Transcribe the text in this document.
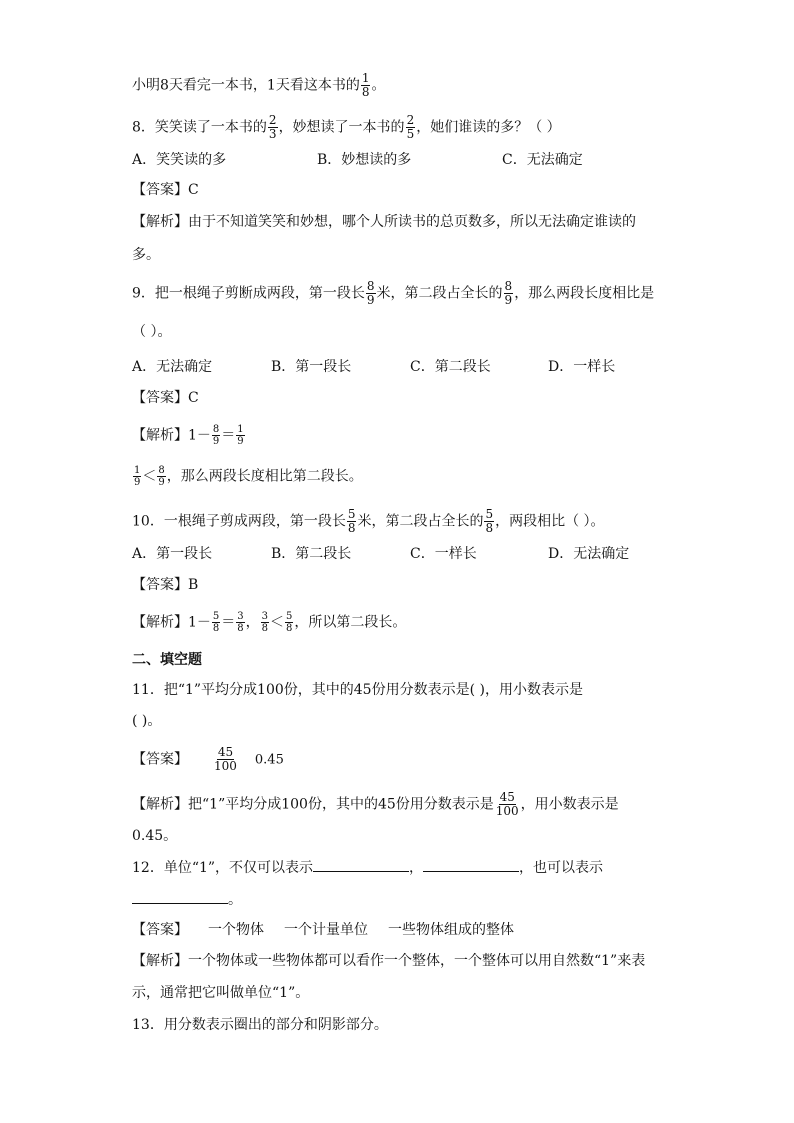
小明8天看完一本书，1天看这本书的 $\frac{1}{8}$ 。
8．笑笑读了一本书的 $\frac{2}{3}$ ，妙想读了一本书的 $\frac{2}{5}$ ，她们谁读的多？（ ）
A．笑笑读的多	B．妙想读的多	C．无法确定
【答案】C
【解析】由于不知道笑笑和妙想，哪个人所读书的总页数多，所以无法确定谁读的
多。
9．把一根绳子剪断成两段，第一段长 $\frac{8}{9}$ 米，第二段占全长的 $\frac{8}{9}$ ，那么两段长度相比是
（ ）。
A．无法确定	B．第一段长	C．第二段长	D．一样长
【答案】C
【解析】$1- \frac{8}{9} = \frac{1}{9}$
$\frac{1}{9} < \frac{8}{9}$ ，那么两段长度相比第二段长。
10．一根绳子剪成两段，第一段长 $\frac{5}{8}$ 米，第二段占全长的 $\frac{5}{8}$ ，两段相比（ ）。
A．第一段长	B．第二段长	C．一样长	D．无法确定
【答案】B
【解析】$1- \frac{5}{8} = \frac{3}{8}$ ， $\frac{3}{8} < \frac{5}{8}$ ，所以第二段长。
二、填空题
11．把“1”平均分成100份，其中的45份用分数表示是( )，用小数表示是
( )。
【答案】 $\frac{45}{100} 0.45$
【解析】把“1”平均分成100份，其中的45份用分数表示是 $\frac{45}{100}$ ，用小数表示是
0.45。
12．单位“1”，不仅可以表示	，	，也可以表示
。
【答案】 一个物体 一个计量单位 一些物体组成的整体
【解析】一个物体或一些物体都可以看作一个整体，一个整体可以用自然数“1”来表
示，通常把它叫做单位“1”。
13．用分数表示圈出的部分和阴影部分。
